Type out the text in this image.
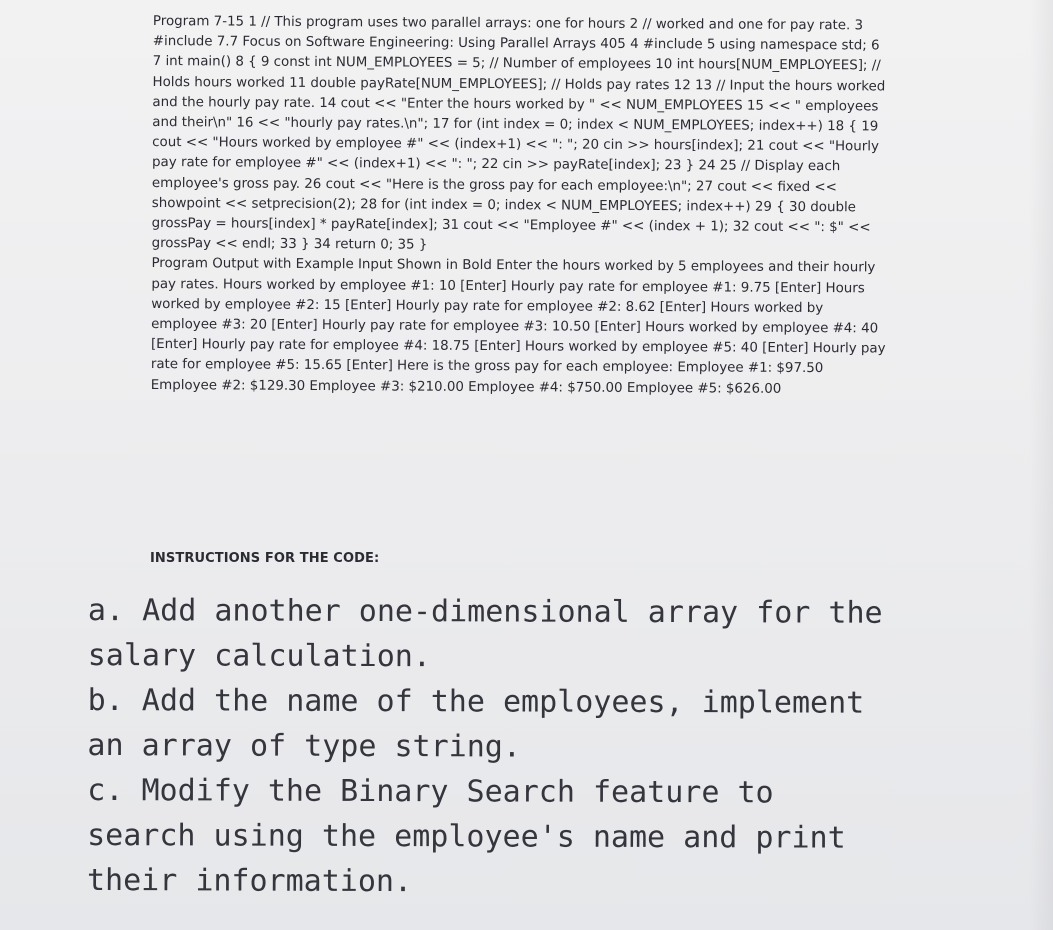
Program 7-15 1 // This program uses two parallel arrays: one for hours 2 // worked and one for pay rate. 3 #include 7.7 Focus on Software Engineering: Using Parallel Arrays 405 4 #include 5 using namespace std; 6 7 int main() 8 { 9 const int NUM_EMPLOYEES = 5; // Number of employees 10 int hours[NUM_EMPLOYEES]; // Holds hours worked 11 double payRate[NUM_EMPLOYEES]; // Holds pay rates 12 13 // Input the hours worked and the hourly pay rate. 14 cout << "Enter the hours worked by " << NUM_EMPLOYEES 15 << " employees and their\n" 16 << "hourly pay rates.\n"; 17 for (int index = 0; index < NUM_EMPLOYEES; index++) 18 { 19 cout << "Hours worked by employee #" << (index+1) << ": "; 20 cin >> hours[index]; 21 cout << "Hourly pay rate for employee #" << (index+1) << ": "; 22 cin >> payRate[index]; 23 } 24 25 // Display each employee's gross pay. 26 cout << "Here is the gross pay for each employee:\n"; 27 cout << fixed << showpoint << setprecision(2); 28 for (int index = 0; index < NUM_EMPLOYEES; index++) 29 { 30 double grossPay = hours[index] * payRate[index]; 31 cout << "Employee #" << (index + 1); 32 cout << ": $" << grossPay << endl; 33 } 34 return 0; 35 }

Program Output with Example Input Shown in Bold Enter the hours worked by 5 employees and their hourly pay rates. Hours worked by employee #1: 10 [Enter] Hourly pay rate for employee #1: 9.75 [Enter] Hours worked by employee #2: 15 [Enter] Hourly pay rate for employee #2: 8.62 [Enter] Hours worked by employee #3: 20 [Enter] Hourly pay rate for employee #3: 10.50 [Enter] Hours worked by employee #4: 40 [Enter] Hourly pay rate for employee #4: 18.75 [Enter] Hours worked by employee #5: 40 [Enter] Hourly pay rate for employee #5: 15.65 [Enter] Here is the gross pay for each employee: Employee #1: $97.50 Employee #2: $129.30 Employee #3: $210.00 Employee #4: $750.00 Employee #5: $626.00

INSTRUCTIONS FOR THE CODE:

a. Add another one-dimensional array for the salary calculation.

b. Add the name of the employees, implement an array of type string.

c. Modify the Binary Search feature to search using the employee's name and print their information.
